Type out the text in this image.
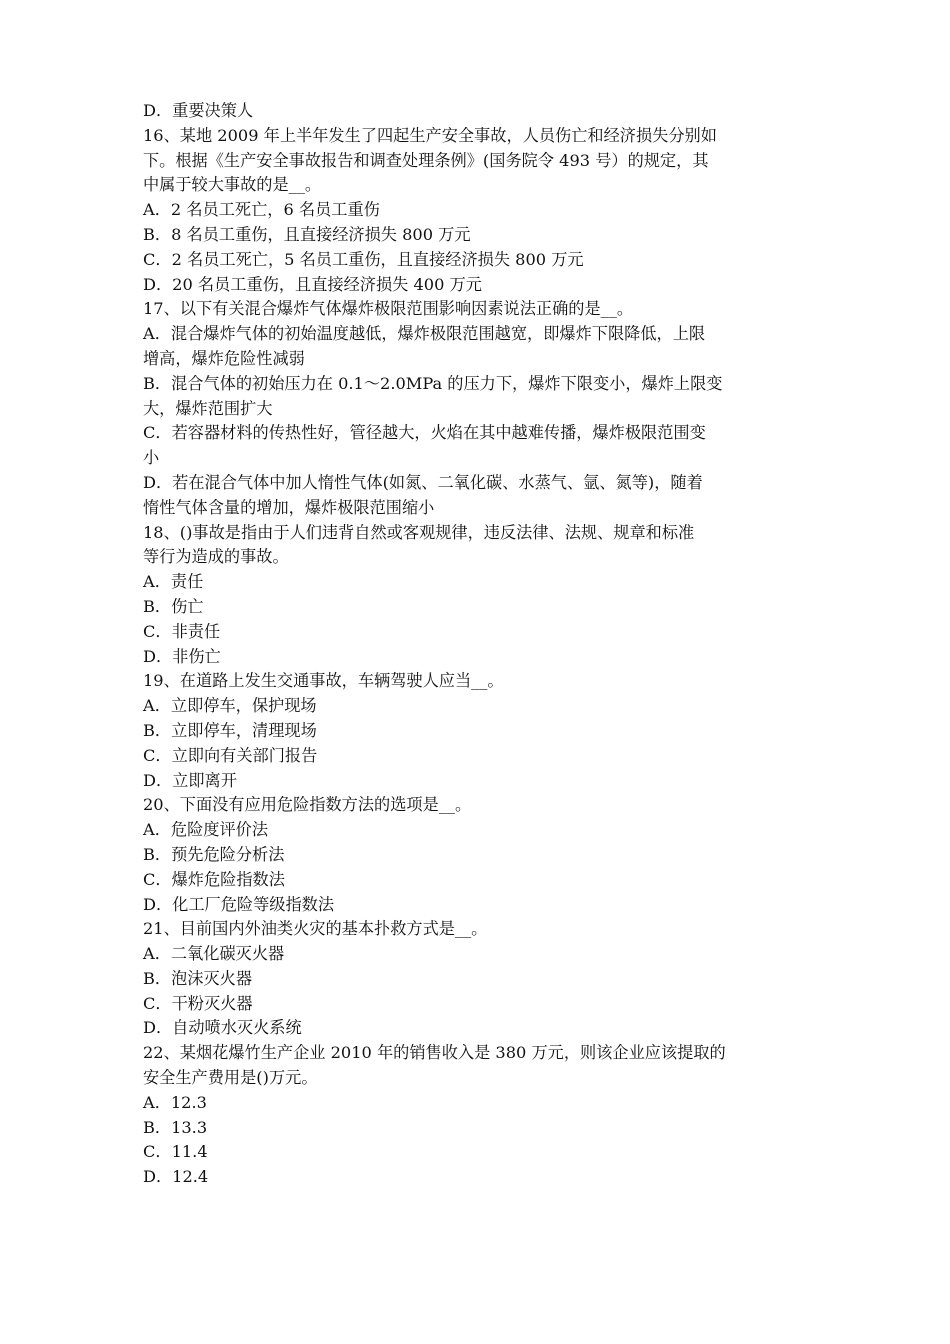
D．重要决策人
16、某地 2009 年上半年发生了四起生产安全事故，人员伤亡和经济损失分别如
下。根据《生产安全事故报告和调查处理条例》(国务院令 493 号）的规定，其
中属于较大事故的是__。
A．2 名员工死亡，6 名员工重伤
B．8 名员工重伤，且直接经济损失 800 万元
C．2 名员工死亡，5 名员工重伤，且直接经济损失 800 万元
D．20 名员工重伤，且直接经济损失 400 万元
17、以下有关混合爆炸气体爆炸极限范围影响因素说法正确的是__。
A．混合爆炸气体的初始温度越低，爆炸极限范围越宽，即爆炸下限降低，上限
增高，爆炸危险性减弱
B．混合气体的初始压力在 0.1～2.0MPa 的压力下，爆炸下限变小，爆炸上限变
大，爆炸范围扩大
C．若容器材料的传热性好，管径越大，火焰在其中越难传播，爆炸极限范围变
小
D．若在混合气体中加人惰性气体(如氮、二氧化碳、水蒸气、氩、氮等)，随着
惰性气体含量的增加，爆炸极限范围缩小
18、()事故是指由于人们违背自然或客观规律，违反法律、法规、规章和标准
等行为造成的事故。
A．责任
B．伤亡
C．非责任
D．非伤亡
19、在道路上发生交通事故，车辆驾驶人应当__。
A．立即停车，保护现场
B．立即停车，清理现场
C．立即向有关部门报告
D．立即离开
20、下面没有应用危险指数方法的选项是__。
A．危险度评价法
B．预先危险分析法
C．爆炸危险指数法
D．化工厂危险等级指数法
21、目前国内外油类火灾的基本扑救方式是__。
A．二氧化碳灭火器
B．泡沫灭火器
C．干粉灭火器
D．自动喷水灭火系统
22、某烟花爆竹生产企业 2010 年的销售收入是 380 万元，则该企业应该提取的
安全生产费用是()万元。
A．12.3
B．13.3
C．11.4
D．12.4
